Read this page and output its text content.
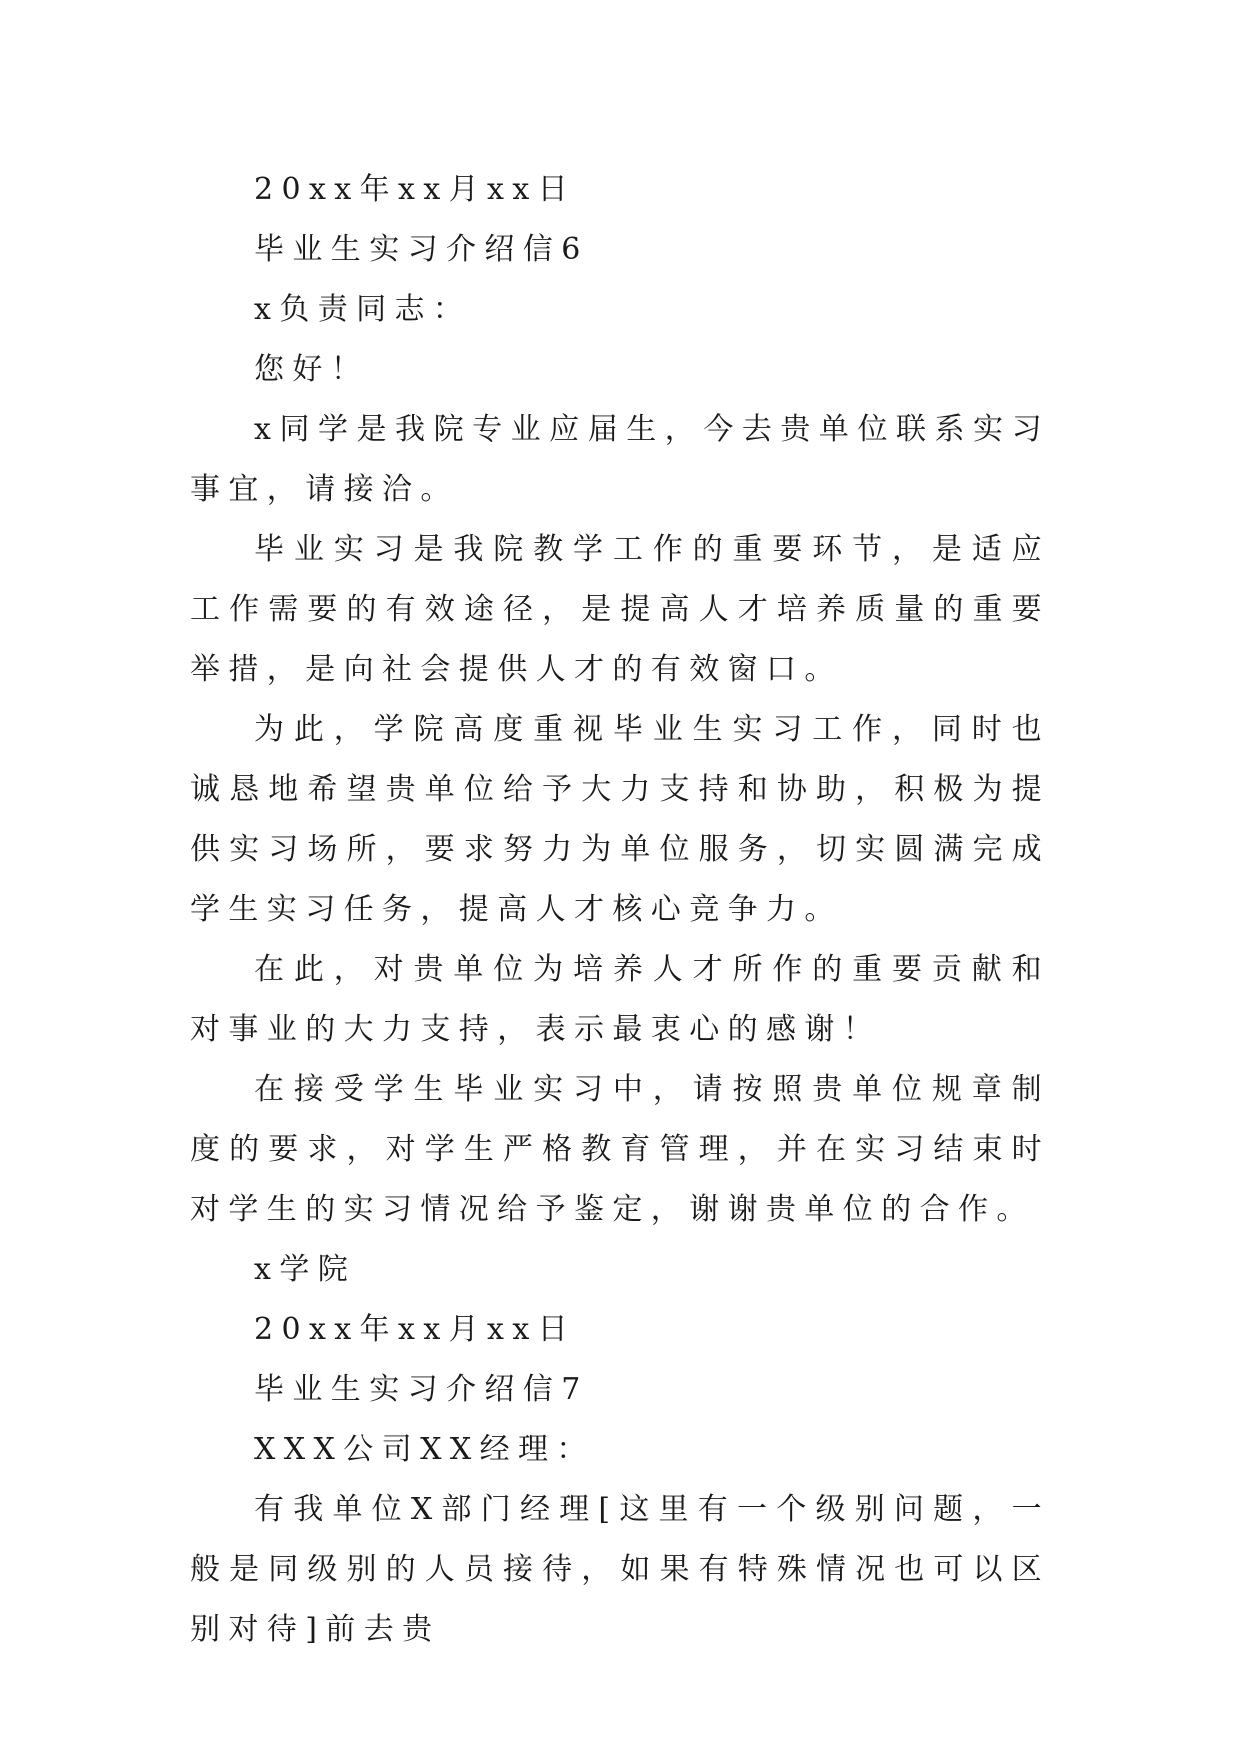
20xx年xx月xx日

毕业生实习介绍信6

x负责同志：

您好！

x同学是我院专业应届生，今去贵单位联系实习事宜，请接洽。

毕业实习是我院教学工作的重要环节，是适应工作需要的有效途径，是提高人才培养质量的重要举措，是向社会提供人才的有效窗口。

为此，学院高度重视毕业生实习工作，同时也诚恳地希望贵单位给予大力支持和协助，积极为提供实习场所，要求努力为单位服务，切实圆满完成学生实习任务，提高人才核心竞争力。

在此，对贵单位为培养人才所作的重要贡献和对事业的大力支持，表示最衷心的感谢！

在接受学生毕业实习中，请按照贵单位规章制度的要求，对学生严格教育管理，并在实习结束时对学生的实习情况给予鉴定，谢谢贵单位的合作。

x学院

20xx年xx月xx日

毕业生实习介绍信7

XXX公司XX经理：

有我单位X部门经理[这里有一个级别问题，一般是同级别的人员接待，如果有特殊情况也可以区别对待]前去贵
